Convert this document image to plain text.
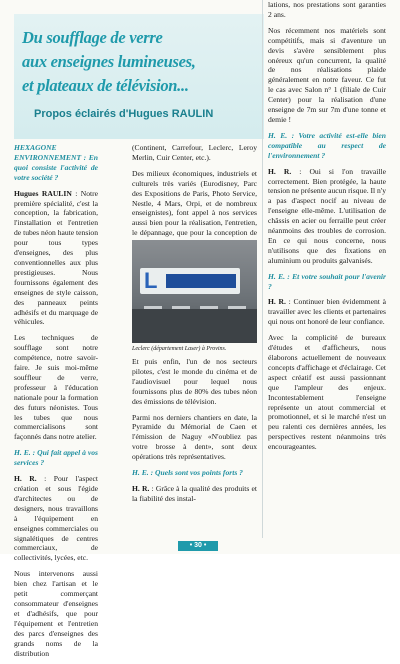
Du soufflage de verre
aux enseignes lumineuses,
et plateaux de télévision...
Propos éclairés d'Hugues RAULIN

HEXAGONE ENVIRONNEMENT : En quoi consiste l'activité de votre société ?

Hugues RAULIN : Notre première spécialité, c'est la conception, la fabrication, l'installation et l'entretien de tubes néon haute tension pour tous types d'enseignes, des plus conventionnelles aux plus prestigieuses. Nous fournissons également des enseignes de style caisson, des panneaux peints adhésifs et du marquage de véhicules.

Les techniques de soufflage sont notre compétence, notre savoir-faire. Je suis moi-même souffleur de verre, professeur à l'éducation nationale pour la formation des futurs néonistes. Tous les tubes que nous commercialisons sont façonnés dans notre atelier.

H. E. : Qui fait appel à vos services ?

H. R. : Pour l'aspect création et sous l'égide d'architectes ou de designers, nous travaillons à l'équipement en enseignes commerciales ou signalétiques de centres commerciaux, de collectivités, lycées, etc.

Nous intervenons aussi bien chez l'artisan et le petit commerçant consommateur d'enseignes et d'adhésifs, que pour l'équipement et l'entretien des parcs d'enseignes des grands noms de la distribution

(Continent, Carrefour, Leclerc, Leroy Merlin, Cuir Center, etc.).

Des milieux économiques, industriels et culturels très variés (Eurodisney, Parc des Expositions de Paris, Photo Service, Nestle, 4 Mars, Orpi, et de nombreux enseignistes), font appel à nos services aussi bien pour la réalisation, l'entretien, le dépannage, que pour la conception de

L
Leclerc (département Laser) à Provins.

Et puis enfin, l'un de nos secteurs pilotes, c'est le monde du cinéma et de l'audiovisuel pour lequel nous fournissons plus de 80% des tubes néon des émissions de télévision.

Parmi nos derniers chantiers en date, la Pyramide du Mémorial de Caen et l'émission de Naguy «N'oubliez pas votre brosse à dent», sont deux opérations très représentatives.

H. E. : Quels sont vos points forts ?

H. R. : Grâce à la qualité des produits et la fiabilité des instal-

lations, nos prestations sont garanties 2 ans.

Nos récemment nos matériels sont compétitifs, mais si d'aventure un devis s'avère sensiblement plus onéreux qu'un concurrent, la qualité de nos réalisations plaide généralement en notre faveur. Ce fut le cas avec Salon n° 1 (filiale de Cuir Center) pour la réalisation d'une enseigne de 7m sur 7m d'une tonne et demie !

H. E. : Votre activité est-elle bien compatible au respect de l'environnement ?

H. R. : Oui si l'on travaille correctement. Bien protégée, la haute tension ne présente aucun risque. Il n'y a pas d'aspect nocif au niveau de l'enseigne elle-même. L'utilisation de châssis en acier ou ferraille peut créer néanmoins des troubles de corrosion. En ce qui nous concerne, nous n'utilisons que des fixations en aluminium ou produits galvanisés.

H. E. : Et votre souhait pour l'avenir ?

H. R. : Continuer bien évidemment à travailler avec les clients et partenaires qui nous ont honoré de leur confiance.

Avec la complicité de bureaux d'études et d'afficheurs, nous élaborons actuellement de nouveaux concepts d'affichage et d'éclairage. Cet aspect créatif est aussi passionnant que l'ampleur des enjeux. Incontestablement l'enseigne représente un atout commercial et promotionnel, et si le marché n'est un peu ralenti ces dernières années, les perspectives restent néanmoins très encourageantes.

• 30 •
